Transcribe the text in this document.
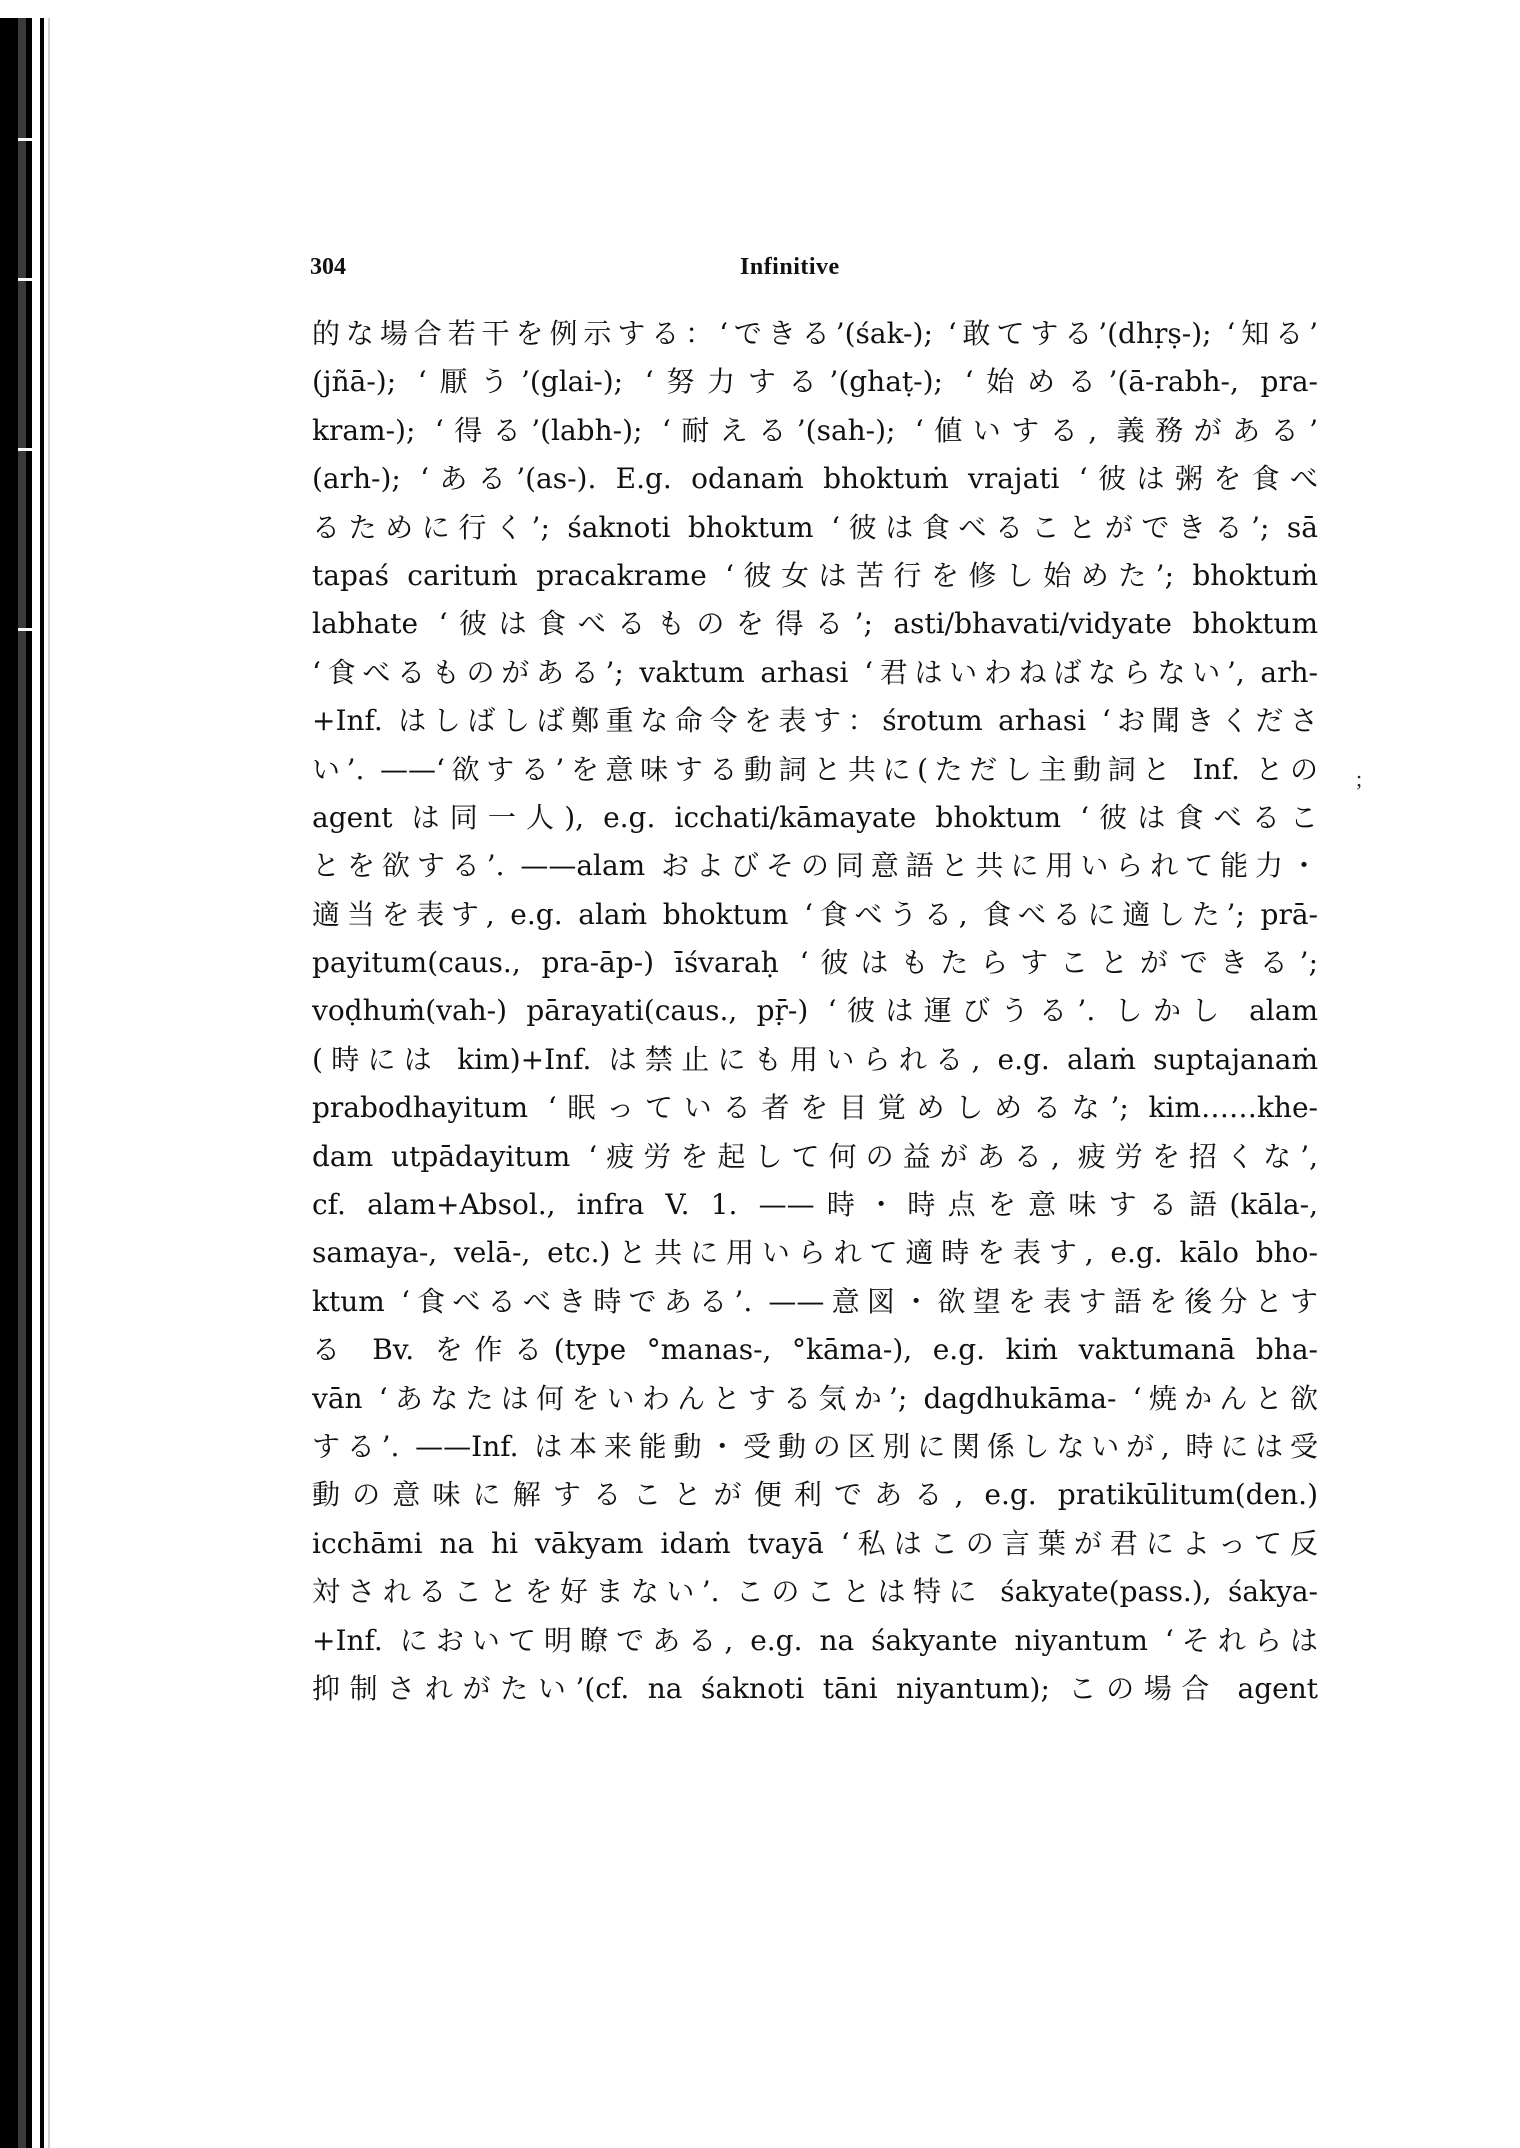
304	Infinitive
;
的な場合若干を例示する：‘できる’(śak-); ‘敢てする’(dhṛṣ-); ‘知る’
(jñā-); ‘厭う’(glai-); ‘努力する’(ghaṭ-); ‘始める’(ā-rabh-, pra-
kram-); ‘得る’(labh-); ‘耐える’(sah-); ‘値いする, 義務がある’
(arh-); ‘ある’(as-). E.g. odanaṁ bhoktuṁ vrajati ‘彼は粥を食べ
るために行く’; śaknoti bhoktum ‘彼は食べることができる’; sā
tapaś carituṁ pracakrame ‘彼女は苦行を修し始めた’; bhoktuṁ
labhate ‘彼は食べるものを得る’; asti/bhavati/vidyate bhoktum
‘食べるものがある’; vaktum arhasi ‘君はいわねばならない’, arh-
+Inf. はしばしば鄭重な命令を表す：śrotum arhasi ‘お聞きくださ
い’. ——‘欲する’を意味する動詞と共に(ただし主動詞と Inf. との
agent は同一人), e.g. icchati/kāmayate bhoktum ‘彼は食べるこ
とを欲する’. ——alam およびその同意語と共に用いられて能力・
適当を表す, e.g. alaṁ bhoktum ‘食べうる, 食べるに適した’; prā-
payitum(caus., pra-āp-) īśvaraḥ ‘彼はもたらすことができる’;
voḍhuṁ(vah-) pārayati(caus., pṝ-) ‘彼は運びうる’. しかし alam
(時には kim)+Inf. は禁止にも用いられる, e.g. alaṁ suptajanaṁ
prabodhayitum ‘眠っている者を目覚めしめるな’; kim……khe-
dam utpādayitum ‘疲労を起して何の益がある, 疲労を招くな’,
cf. alam+Absol., infra V. 1. ——時・時点を意味する語(kāla-,
samaya-, velā-, etc.)と共に用いられて適時を表す, e.g. kālo bho-
ktum ‘食べるべき時である’. ——意図・欲望を表す語を後分とす
る Bv. を作る(type °manas-, °kāma-), e.g. kiṁ vaktumanā bha-
vān ‘あなたは何をいわんとする気か’; dagdhukāma- ‘焼かんと欲
する’. ——Inf. は本来能動・受動の区別に関係しないが, 時には受
動の意味に解することが便利である, e.g. pratikūlitum(den.)
icchāmi na hi vākyam idaṁ tvayā ‘私はこの言葉が君によって反
対されることを好まない’. このことは特に śakyate(pass.), śakya-
+Inf. において明瞭である, e.g. na śakyante niyantum ‘それらは
抑制されがたい’(cf. na śaknoti tāni niyantum); この場合 agent
